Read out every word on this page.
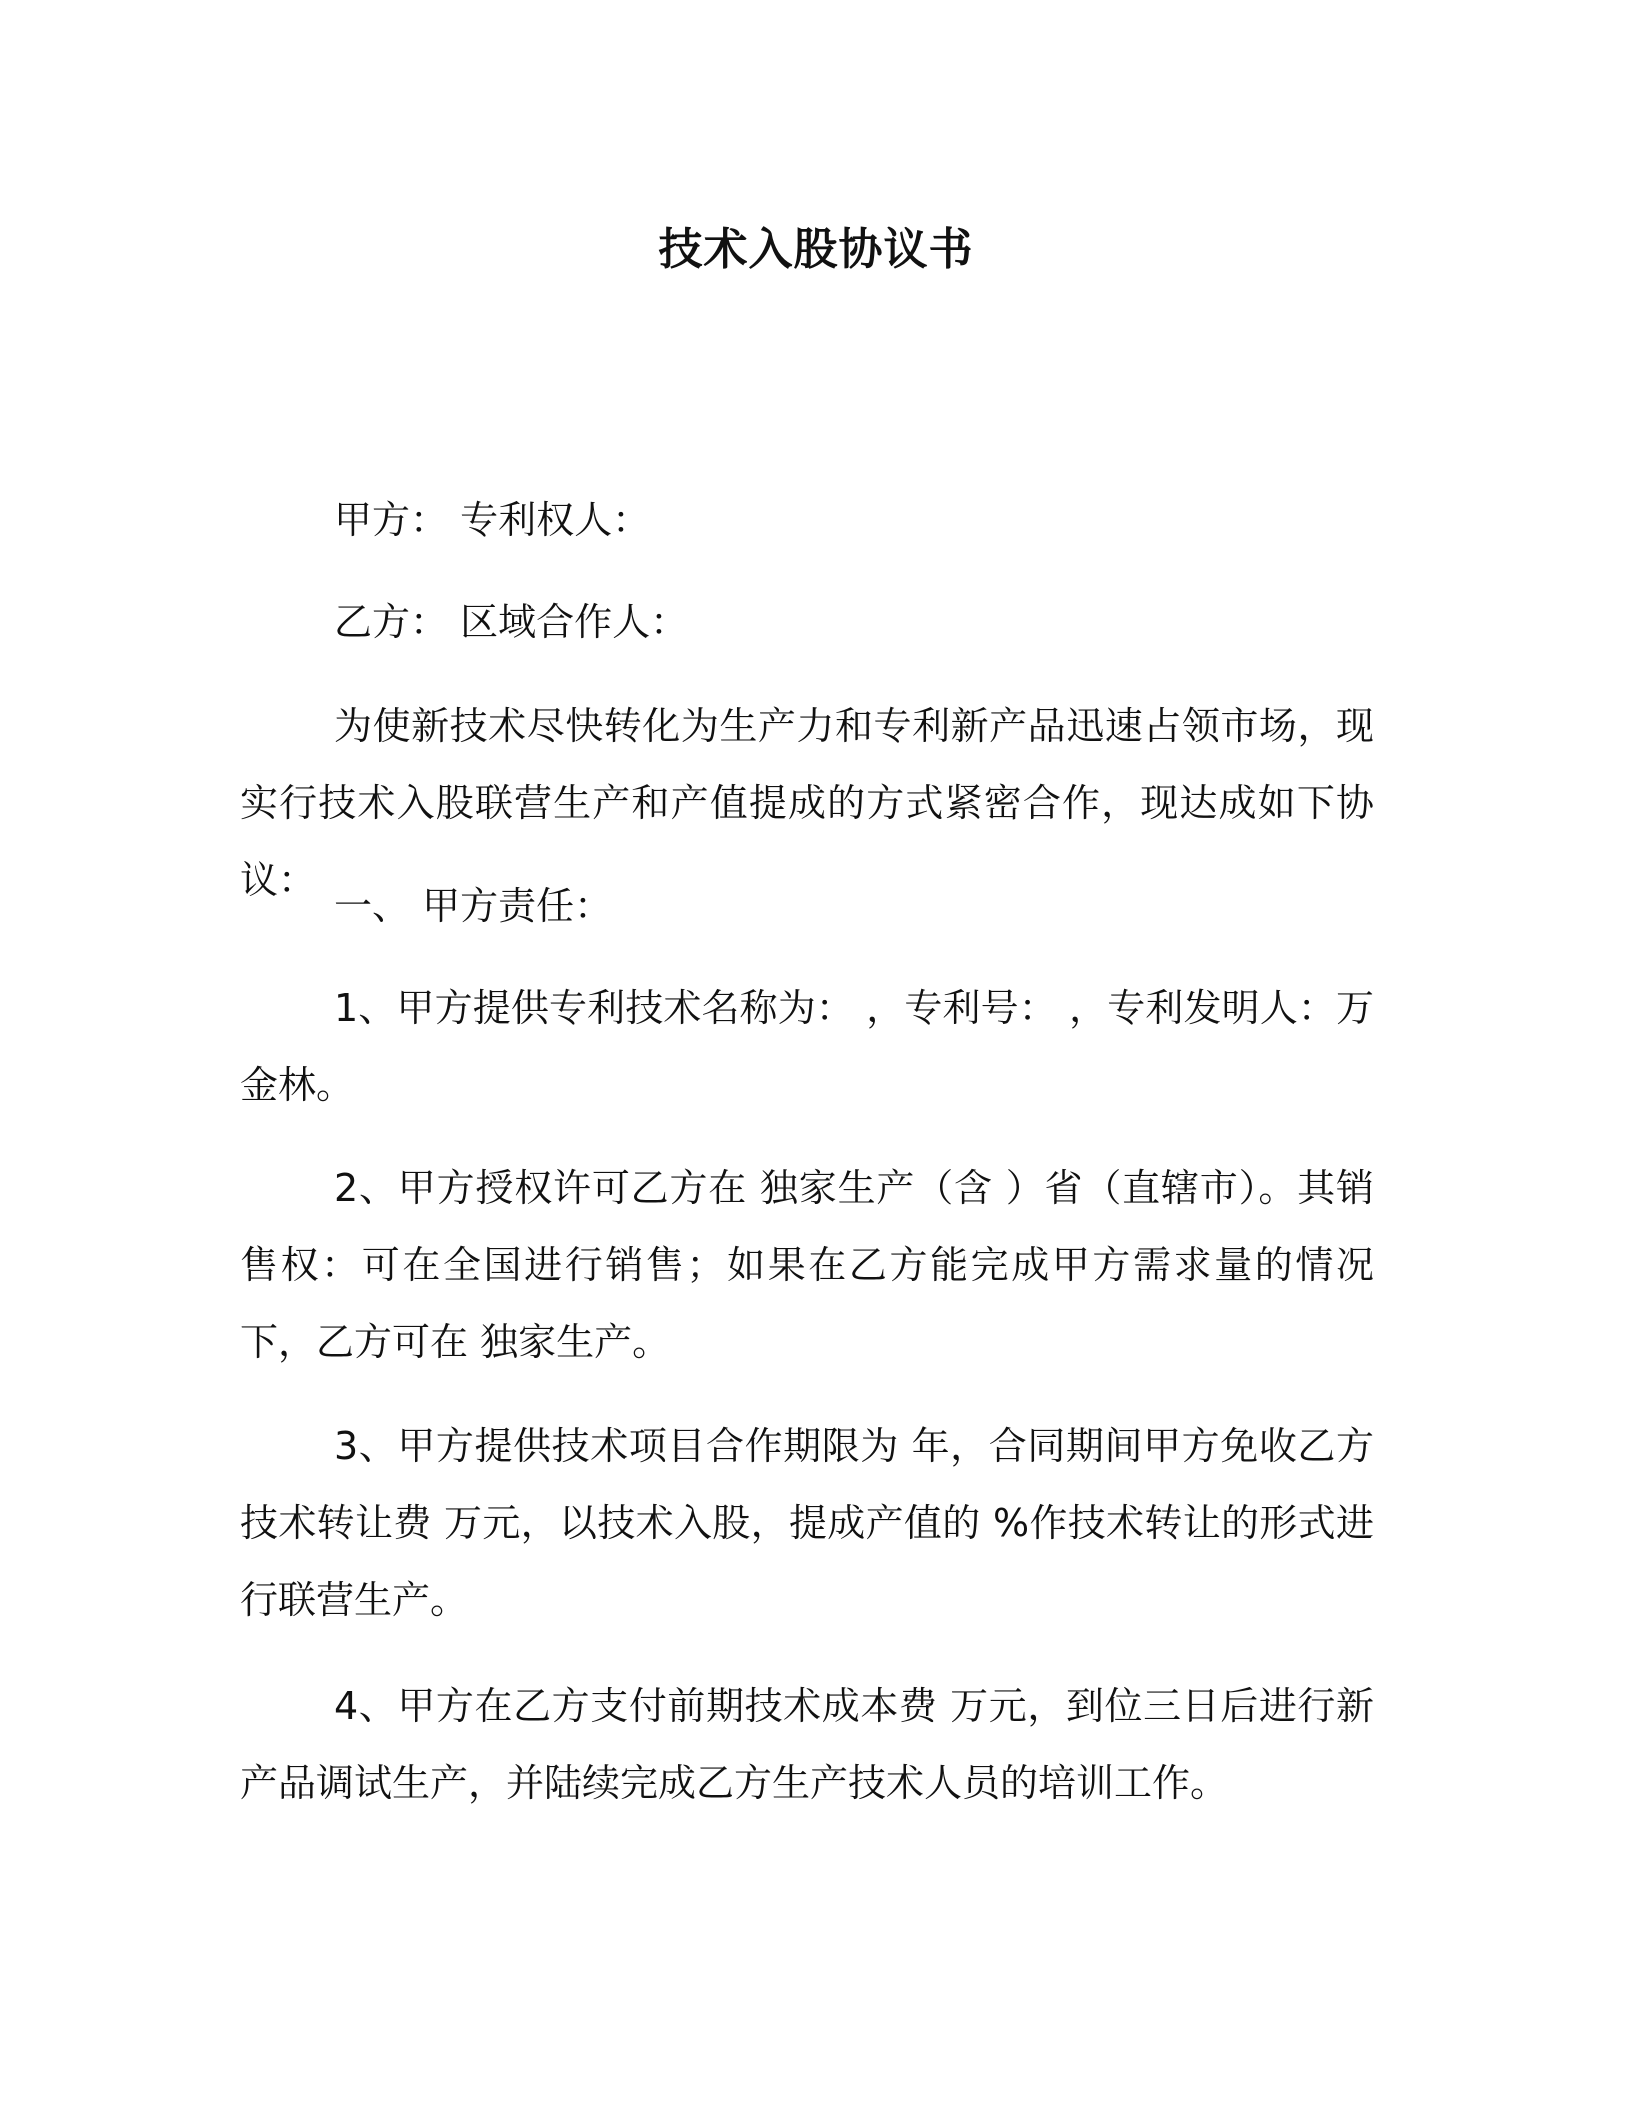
技术入股协议书

甲方： 专利权人：

乙方： 区域合作人：

为使新技术尽快转化为生产力和专利新产品迅速占领市场，现实行技术入股联营生产和产值提成的方式紧密合作，现达成如下协议：

一、 甲方责任：

1、甲方提供专利技术名称为： ，专利号： ，专利发明人：万金林。

2、甲方授权许可乙方在 独家生产（含 ）省（直辖市）。其销售权：可在全国进行销售；如果在乙方能完成甲方需求量的情况下，乙方可在 独家生产。

3、甲方提供技术项目合作期限为 年，合同期间甲方免收乙方技术转让费 万元，以技术入股，提成产值的 %作技术转让的形式进行联营生产。

4、甲方在乙方支付前期技术成本费 万元，到位三日后进行新产品调试生产，并陆续完成乙方生产技术人员的培训工作。
